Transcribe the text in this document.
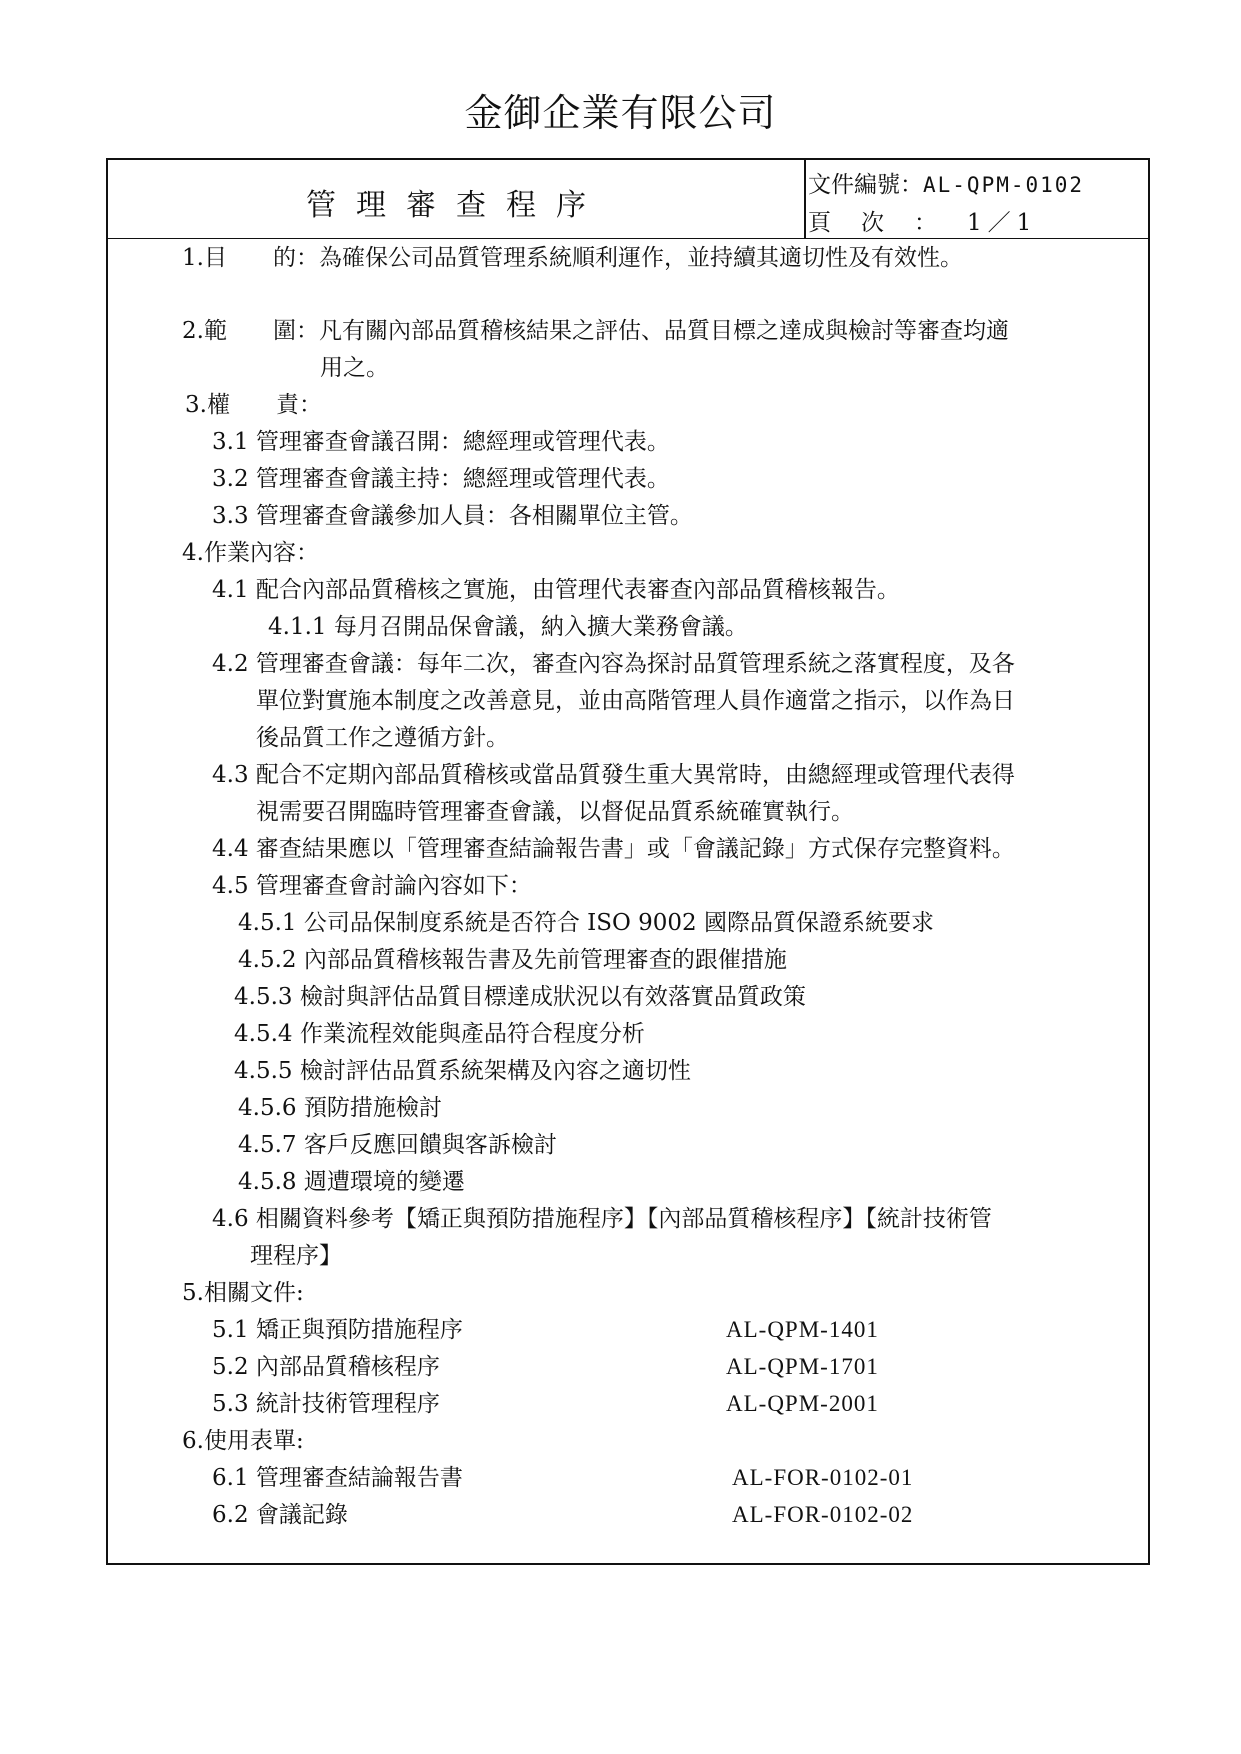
金御企業有限公司
管理審查程序
文件編號：AL-QPM-0102
頁次：1／1
1.目 的：為確保公司品質管理系統順利運作，並持續其適切性及有效性。
2.範 圍：凡有關內部品質稽核結果之評估、品質目標之達成與檢討等審查均適
用之。
3.權 責：
3.1 管理審查會議召開：總經理或管理代表。
3.2 管理審查會議主持：總經理或管理代表。
3.3 管理審查會議參加人員：各相關單位主管。
4.作業內容：
4.1 配合內部品質稽核之實施，由管理代表審查內部品質稽核報告。
4.1.1 每月召開品保會議，納入擴大業務會議。
4.2 管理審查會議：每年二次，審查內容為探討品質管理系統之落實程度，及各
單位對實施本制度之改善意見，並由高階管理人員作適當之指示，以作為日
後品質工作之遵循方針。
4.3 配合不定期內部品質稽核或當品質發生重大異常時，由總經理或管理代表得
視需要召開臨時管理審查會議，以督促品質系統確實執行。
4.4 審查結果應以「管理審查結論報告書」或「會議記錄」方式保存完整資料。
4.5 管理審查會討論內容如下：
4.5.1 公司品保制度系統是否符合 ISO 9002 國際品質保證系統要求
4.5.2 內部品質稽核報告書及先前管理審查的跟催措施
4.5.3 檢討與評估品質目標達成狀況以有效落實品質政策
4.5.4 作業流程效能與產品符合程度分析
4.5.5 檢討評估品質系統架構及內容之適切性
4.5.6 預防措施檢討
4.5.7 客戶反應回饋與客訴檢討
4.5.8 週遭環境的變遷
4.6 相關資料參考【矯正與預防措施程序】【內部品質稽核程序】【統計技術管
理程序】
5.相關文件:
5.1 矯正與預防措施程序	AL-QPM-1401
5.2 內部品質稽核程序	AL-QPM-1701
5.3 統計技術管理程序	AL-QPM-2001
6.使用表單:
6.1 管理審查結論報告書	AL-FOR-0102-01
6.2 會議記錄	AL-FOR-0102-02
